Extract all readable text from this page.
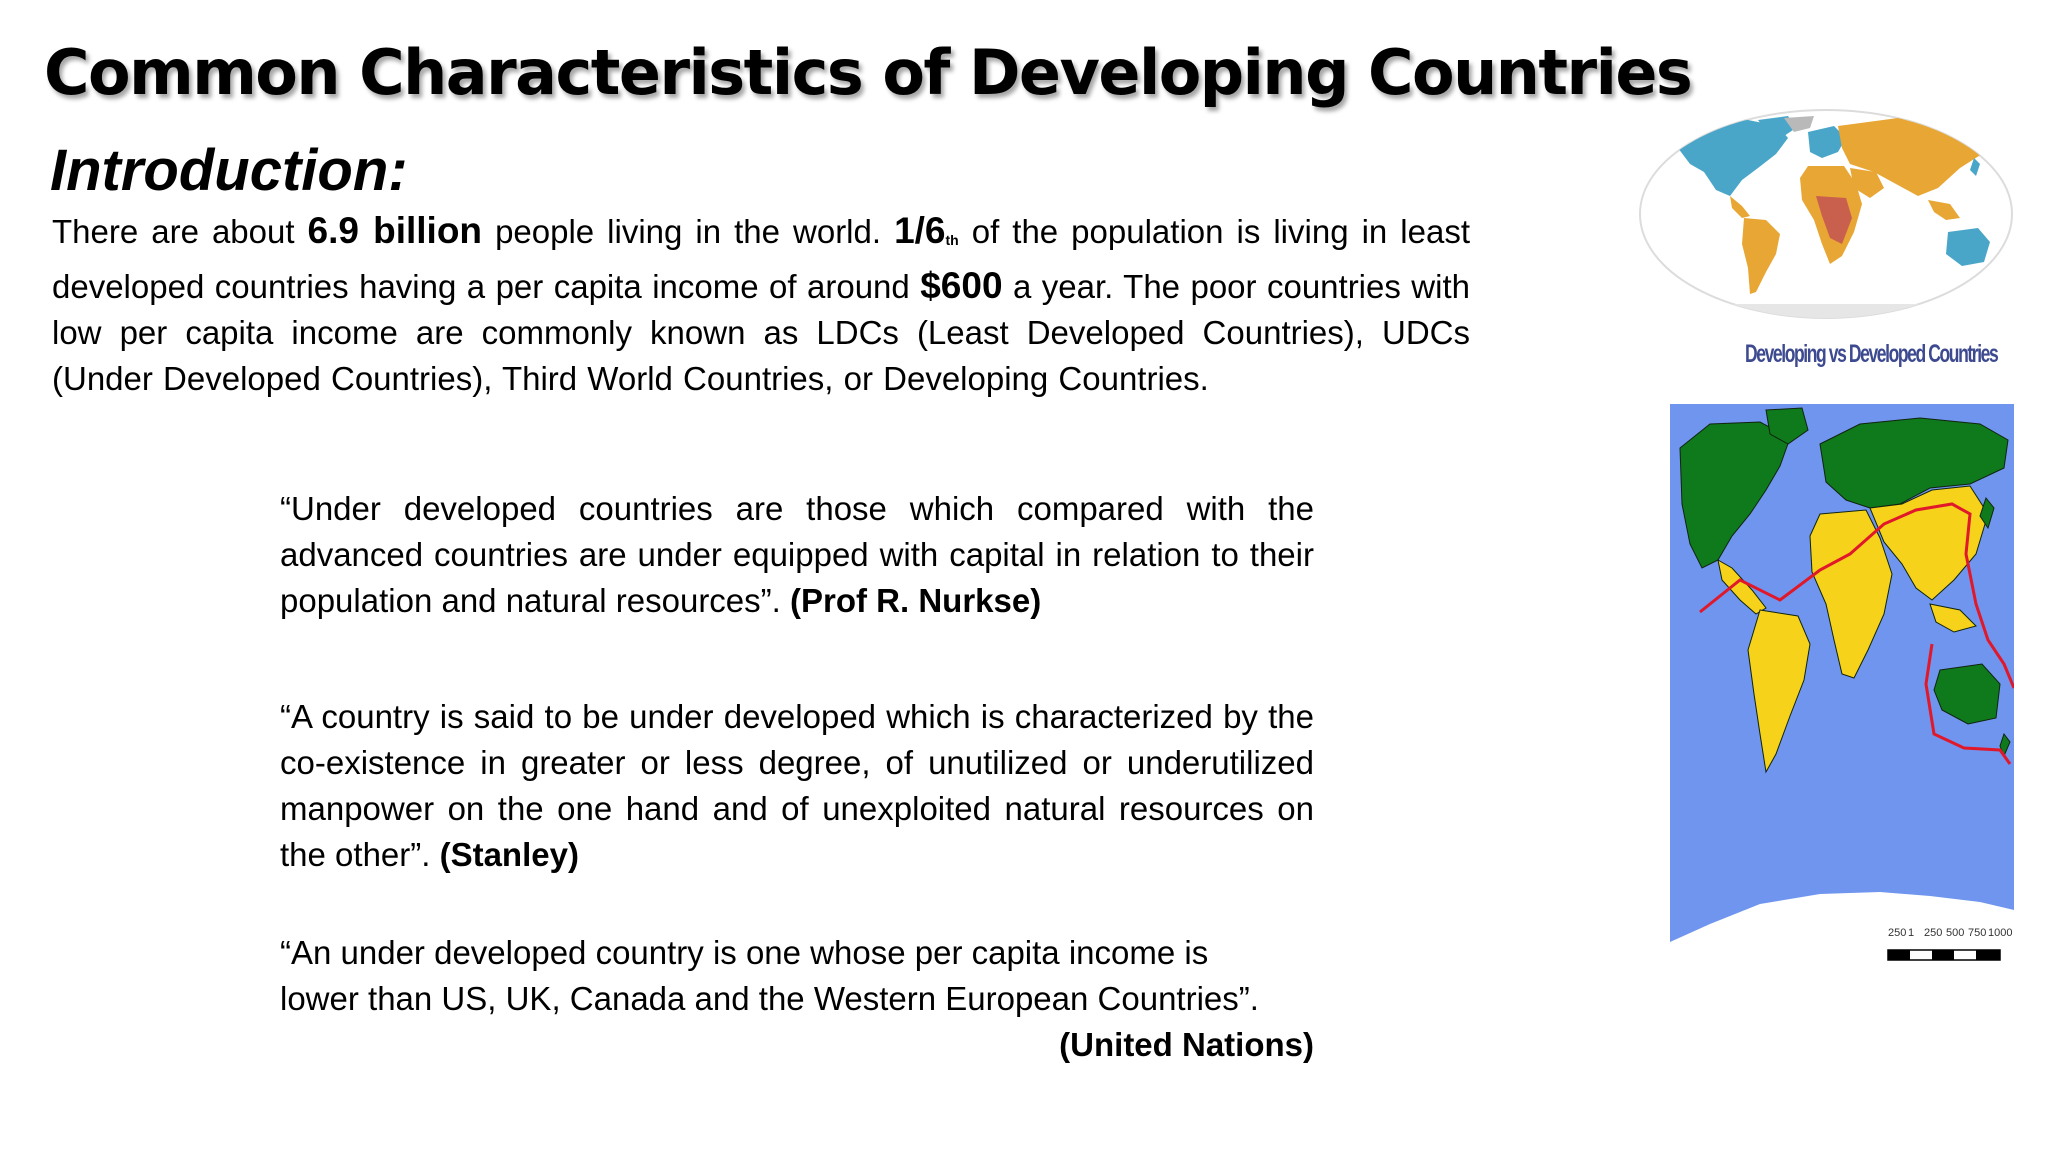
Common Characteristics of Developing Countries
Introduction:

There are about 6.9 billion people living in the world. $1/6_{th}$ of the population is living in least developed countries having a per capita income of around $600 a year. The poor countries with low per capita income are commonly known as LDCs (Least Developed Countries), UDCs (Under Developed Countries), Third World Countries, or Developing Countries.

“Under developed countries are those which compared with the advanced countries are under equipped with capital in relation to their population and natural resources”. (Prof R. Nurkse)

“A country is said to be under developed which is characterized by the co-existence in greater or less degree, of unutilized or underutilized manpower on the one hand and of unexploited natural resources on the other”. (Stanley)

“An under developed country is one whose per capita income is
lower than US, UK, Canada and the Western European Countries”.
(United Nations)

Developing vs Developed Countries
250 1 250 500 750 1000
